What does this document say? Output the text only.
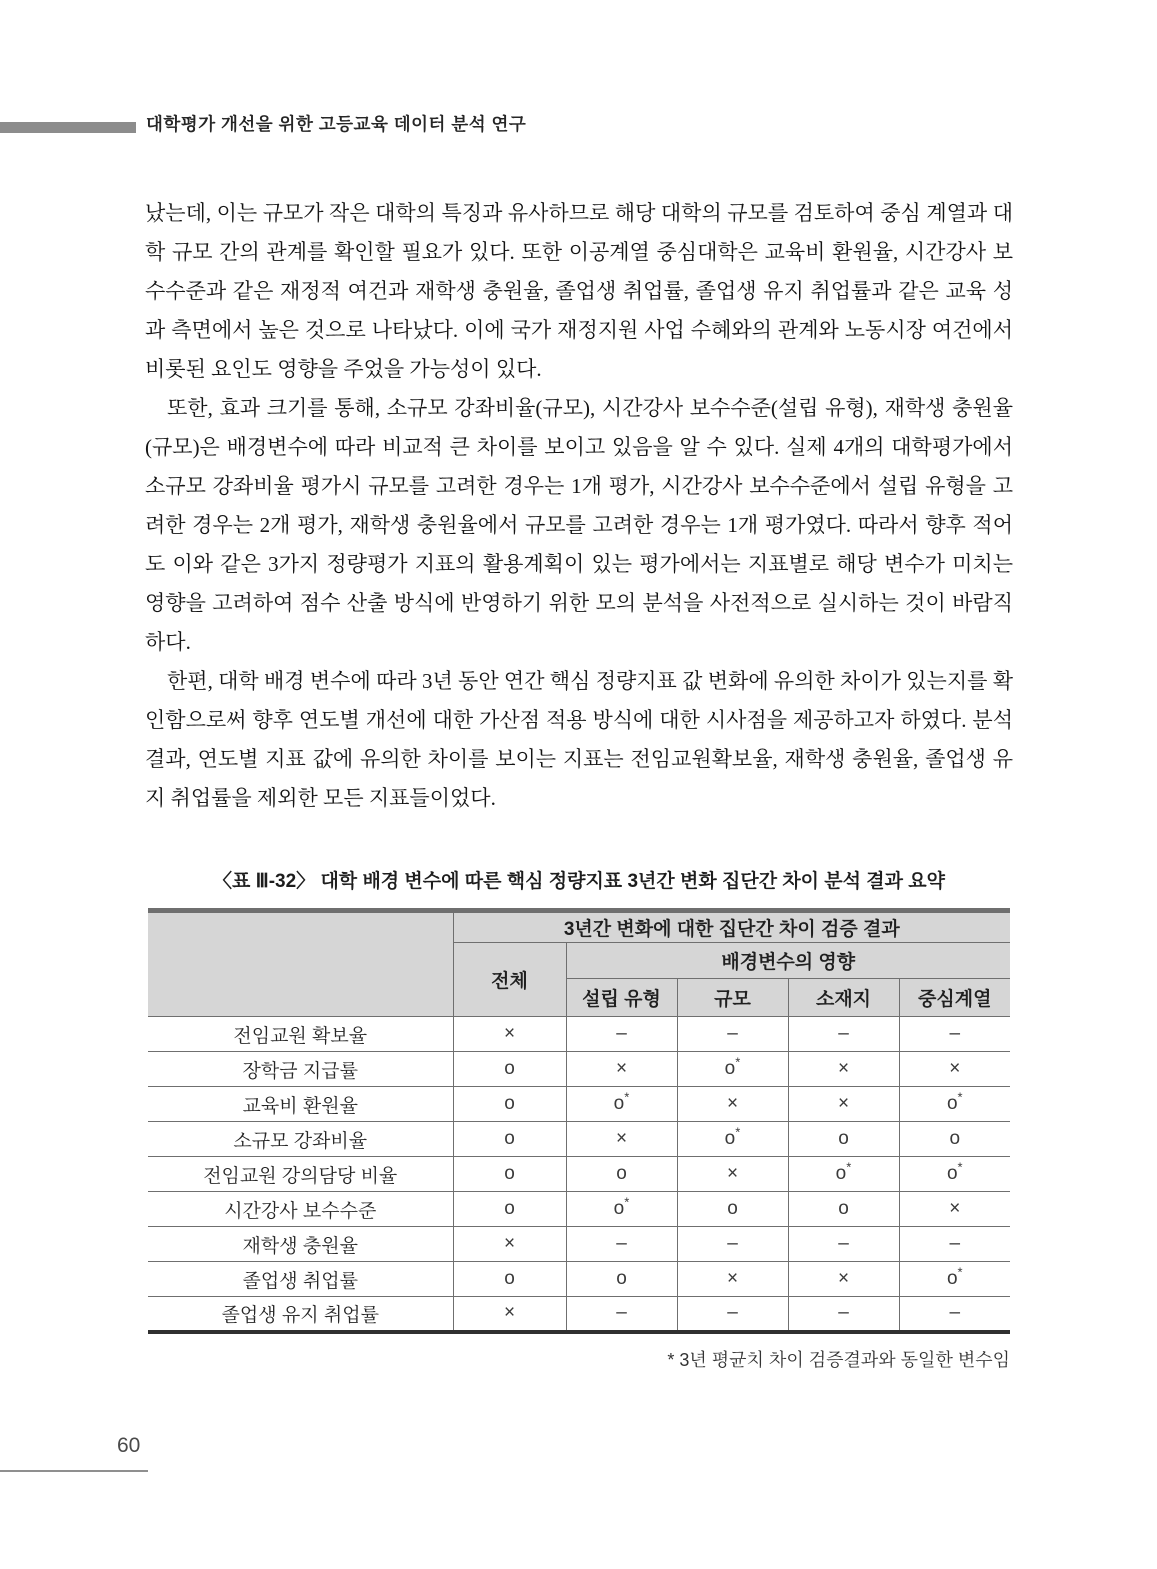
대학평가 개선을 위한 고등교육 데이터 분석 연구

났는데, 이는 규모가 작은 대학의 특징과 유사하므로 해당 대학의 규모를 검토하여 중심 계열과 대학 규모 간의 관계를 확인할 필요가 있다. 또한 이공계열 중심대학은 교육비 환원율, 시간강사 보수수준과 같은 재정적 여건과 재학생 충원율, 졸업생 취업률, 졸업생 유지 취업률과 같은 교육 성과 측면에서 높은 것으로 나타났다. 이에 국가 재정지원 사업 수혜와의 관계와 노동시장 여건에서 비롯된 요인도 영향을 주었을 가능성이 있다.

또한, 효과 크기를 통해, 소규모 강좌비율(규모), 시간강사 보수수준(설립 유형), 재학생 충원율(규모)은 배경변수에 따라 비교적 큰 차이를 보이고 있음을 알 수 있다. 실제 4개의 대학평가에서 소규모 강좌비율 평가시 규모를 고려한 경우는 1개 평가, 시간강사 보수수준에서 설립 유형을 고려한 경우는 2개 평가, 재학생 충원율에서 규모를 고려한 경우는 1개 평가였다. 따라서 향후 적어도 이와 같은 3가지 정량평가 지표의 활용계획이 있는 평가에서는 지표별로 해당 변수가 미치는 영향을 고려하여 점수 산출 방식에 반영하기 위한 모의 분석을 사전적으로 실시하는 것이 바람직하다.

한편, 대학 배경 변수에 따라 3년 동안 연간 핵심 정량지표 값 변화에 유의한 차이가 있는지를 확인함으로써 향후 연도별 개선에 대한 가산점 적용 방식에 대한 시사점을 제공하고자 하였다. 분석 결과, 연도별 지표 값에 유의한 차이를 보이는 지표는 전임교원확보율, 재학생 충원율, 졸업생 유지 취업률을 제외한 모든 지표들이었다.

〈표 Ⅲ-32〉 대학 배경 변수에 따른 핵심 정량지표 3년간 변화 집단간 차이 분석 결과 요약
	3년간 변화에 대한 집단간 차이 검증 결과				
	전체	배경변수의 영향			
		설립 유형	규모	소재지	중심계열
전임교원 확보율	×	–	–	–	–
장학금 지급률	o	×	o*	×	×
교육비 환원율	o	o*	×	×	o*
소규모 강좌비율	o	×	o*	o	o
전임교원 강의담당 비율	o	o	×	o*	o*
시간강사 보수수준	o	o*	o	o	×
재학생 충원율	×	–	–	–	–
졸업생 취업률	o	o	×	×	o*
졸업생 유지 취업률	×	–	–	–	–
* 3년 평균치 차이 검증결과와 동일한 변수임
60
